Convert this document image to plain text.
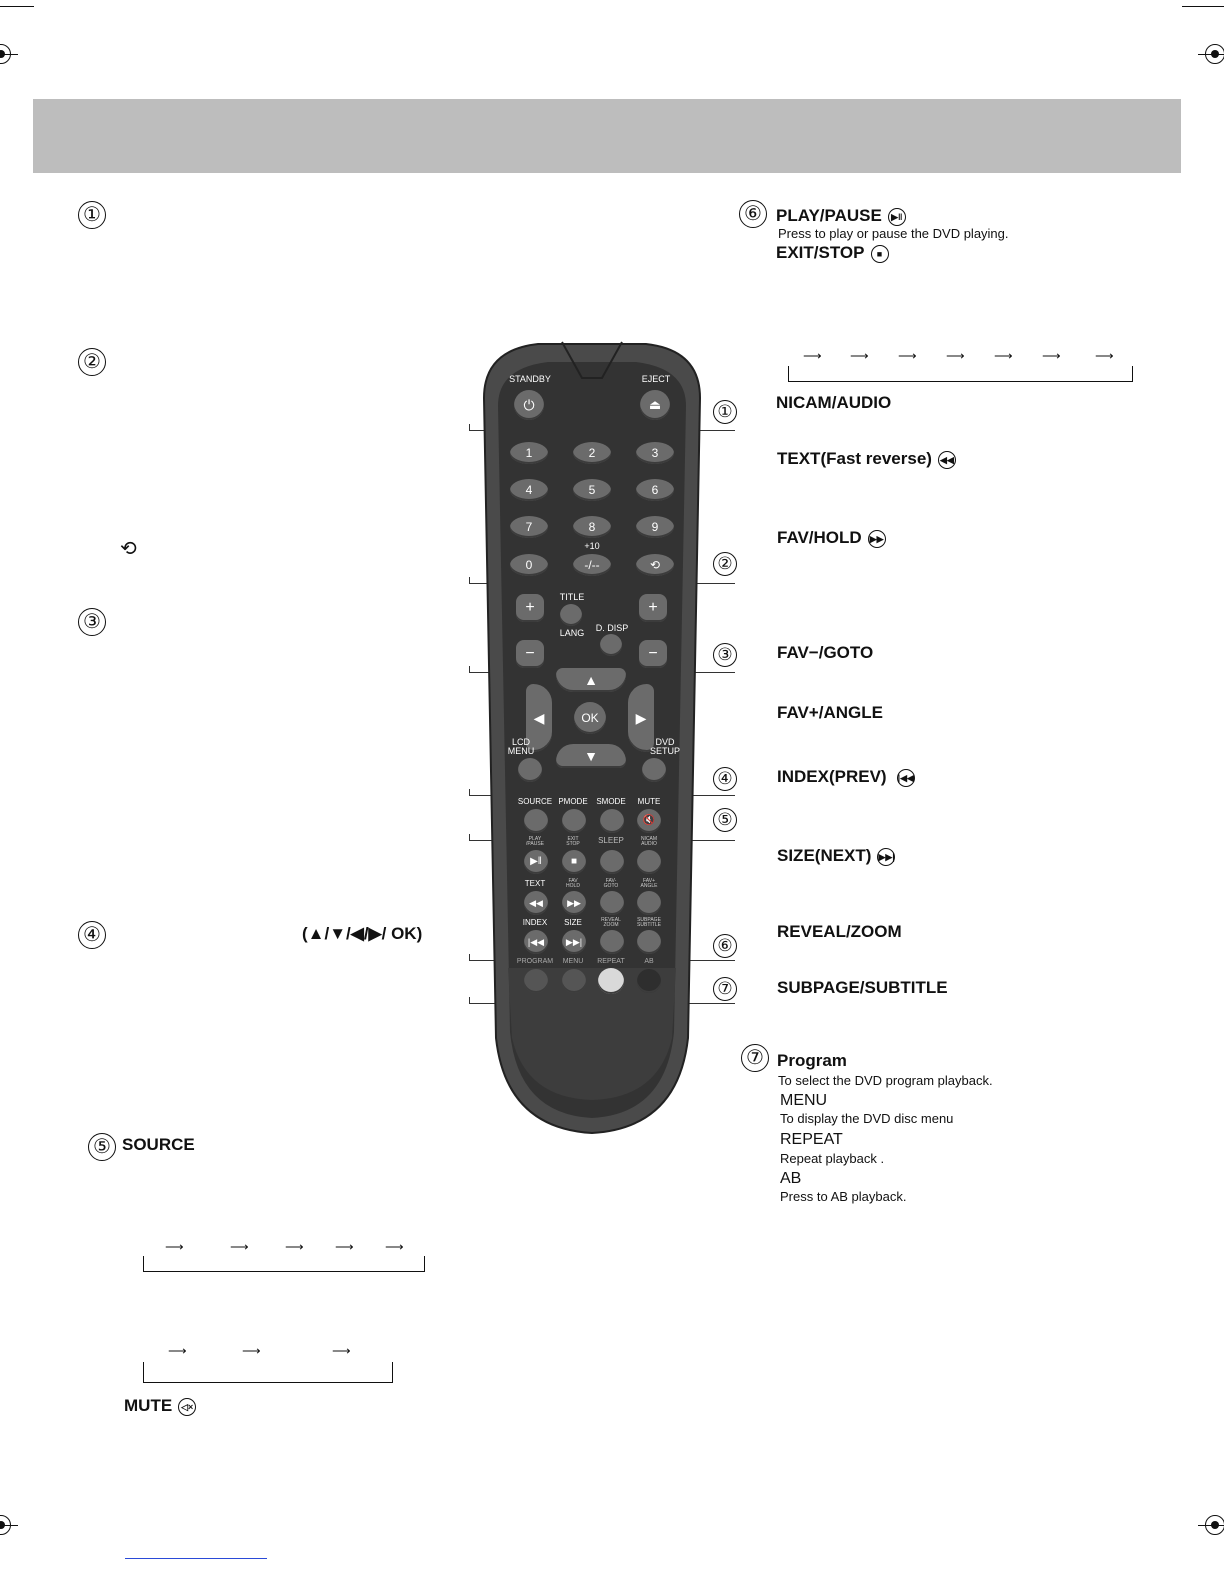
①
②
⟲
③
④	(▲/▼/◀/▶/ OK)
⑤ SOURCE
⟶	⟶	⟶ ⟶ ⟶
⟶	⟶	⟶
MUTE ◁×
⑥ PLAY/PAUSE ▶‖
Press to play or pause the DVD playing.
EXIT/STOP ■
⟶ ⟶ ⟶ ⟶ ⟶ ⟶	⟶
NICAM/AUDIO
TEXT(Fast reverse) ◀◀
FAV/HOLD ▶▶
FAV−/GOTO
FAV+/ANGLE
INDEX(PREV) |◀◀
SIZE(NEXT) ▶▶|
REVEAL/ZOOM
SUBPAGE/SUBTITLE
⑦ Program
To select the DVD program playback.
MENU
To display the DVD disc menu
REPEAT
Repeat playback .
AB
Press to AB playback.
STANDBY	EJECT
⏻	⏏
1	2	3
4	5	6
7	8	9
+10
0	-/--	⟲
+	+
−	−
TITLE
LANG	D. DISP
▲
▼
◀	▶
OK
LCD
MENU
DVD
SETUP
SOURCE PMODE	SMODE	MUTE
🔇
PLAY
/PAUSE
EXIT
STOP	SLEEP	NICAM
AUDIO
▶‖	■
TEXT	FAV
HOLD
FAV-
GOTO
FAV+
ANGLE
◀◀	▶▶
INDEX	SIZE	REVEAL
ZOOM
SUBPAGE
SUBTITLE
|◀◀	▶▶|
PROGRAM	MENU	REPEAT	AB
①
②
③
④
⑤
⑥
⑦
